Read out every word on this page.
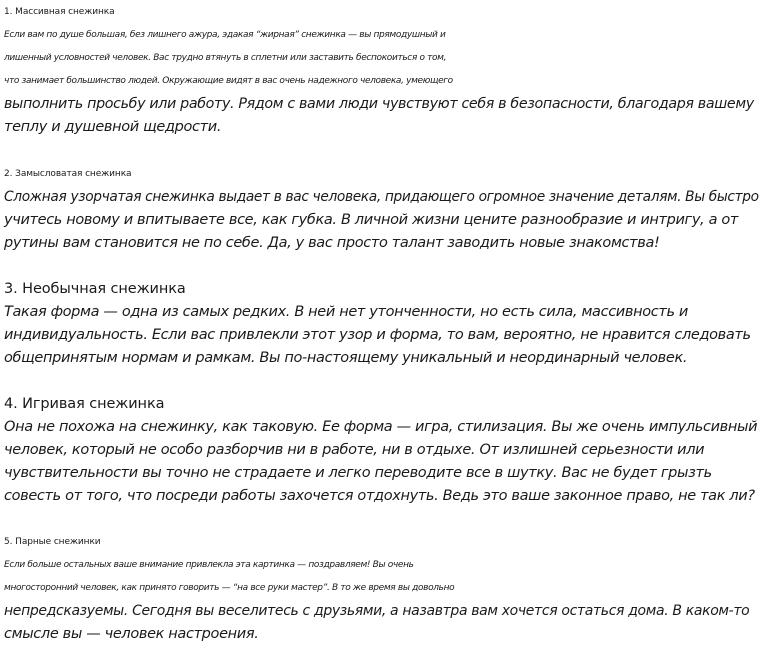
1. Массивная снежинка
Если вам по душе большая, без лишнего ажура, эдакая “жирная” снежинка — вы прямодушный и
лишенный условностей человек. Вас трудно втянуть в сплетни или заставить беспокоиться о том,
что занимает большинство людей. Окружающие видят в вас очень надежного человека, умеющего
выполнить просьбу или работу. Рядом с вами люди чувствуют себя в безопасности, благодаря вашему
теплу и душевной щедрости.
2. Замысловатая снежинка
Сложная узорчатая снежинка выдает в вас человека, придающего огромное значение деталям. Вы быстро
учитесь новому и впитываете все, как губка. В личной жизни цените разнообразие и интригу, а от
рутины вам становится не по себе. Да, у вас просто талант заводить новые знакомства!
3. Необычная снежинка
Такая форма — одна из самых редких. В ней нет утонченности, но есть сила, массивность и
индивидуальность. Если вас привлекли этот узор и форма, то вам, вероятно, не нравится следовать
общепринятым нормам и рамкам. Вы по-настоящему уникальный и неординарный человек.
4. Игривая снежинка
Она не похожа на снежинку, как таковую. Ее форма — игра, стилизация. Вы же очень импульсивный
человек, который не особо разборчив ни в работе, ни в отдыхе. От излишней серьезности или
чувствительности вы точно не страдаете и легко переводите все в шутку. Вас не будет грызть
совесть от того, что посреди работы захочется отдохнуть. Ведь это ваше законное право, не так ли?
5. Парные снежинки
Если больше остальных ваше внимание привлекла эта картинка — поздравляем! Вы очень
многосторонний человек, как принято говорить — “на все руки мастер”. В то же время вы довольно
непредсказуемы. Сегодня вы веселитесь с друзьями, а назавтра вам хочется остаться дома. В каком-то
смысле вы — человек настроения.
